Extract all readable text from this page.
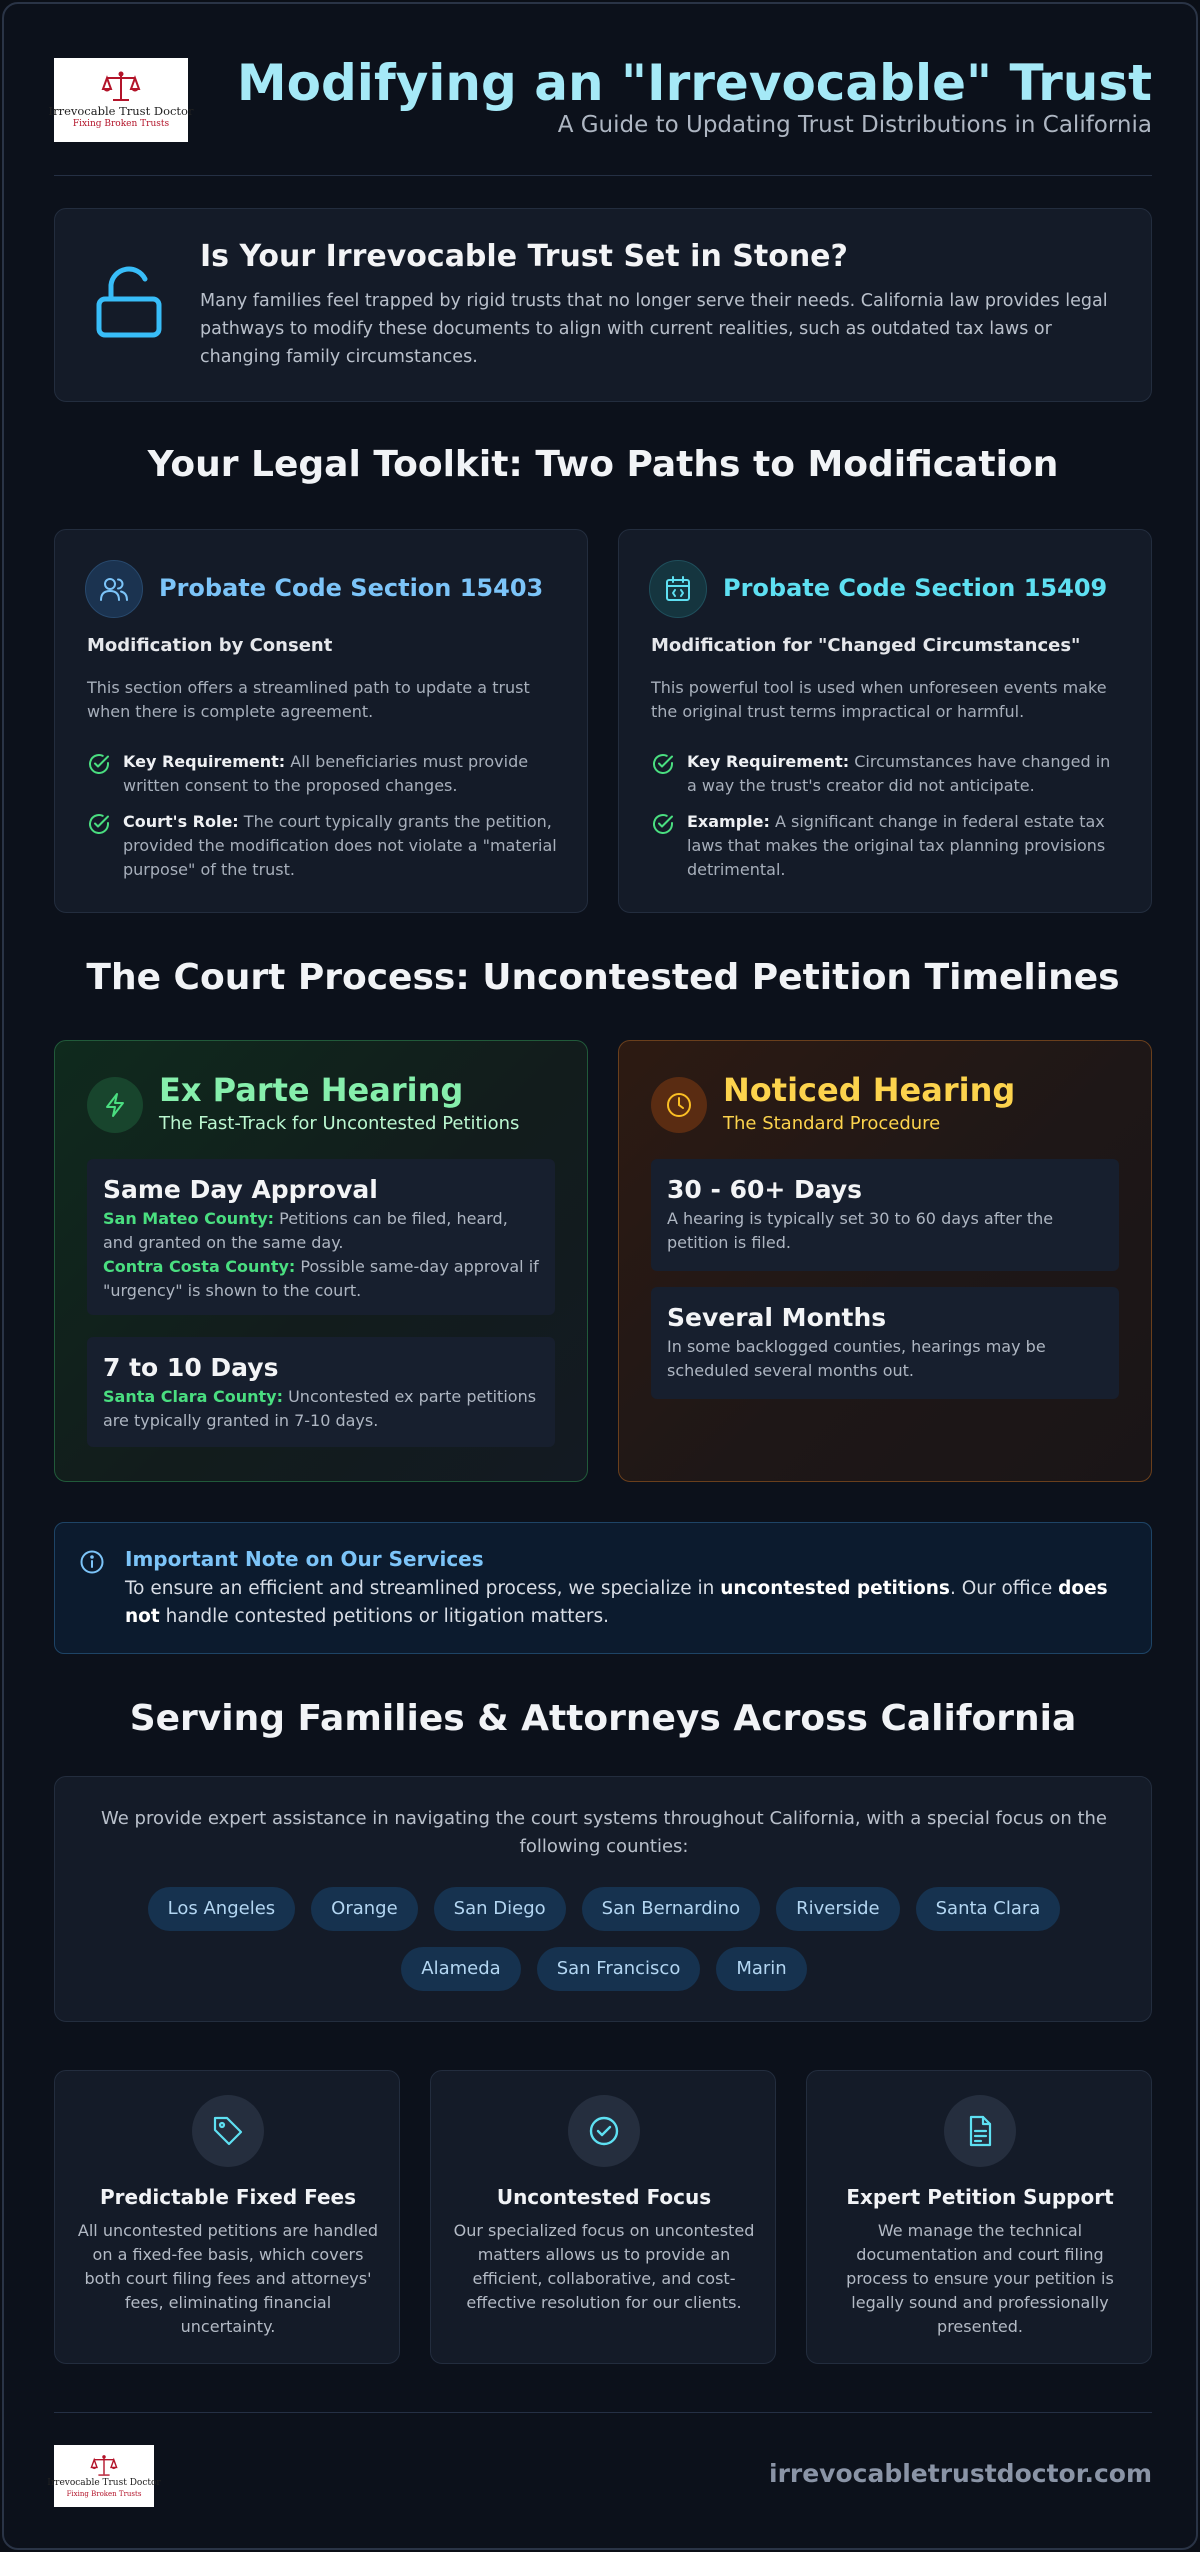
Irrevocable Trust Doctor
Fixing Broken Trusts
Modifying an "Irrevocable" Trust
A Guide to Updating Trust Distributions in California
Is Your Irrevocable Trust Set in Stone?

Many families feel trapped by rigid trusts that no longer serve their needs. California law provides legal pathways to modify these documents to align with current realities, such as outdated tax laws or changing family circumstances.

Your Legal Toolkit: Two Paths to Modification
Probate Code Section 15403
Modification by Consent
This section offers a streamlined path to update a trust when there is complete agreement.
Key Requirement: All beneficiaries must provide written consent to the proposed changes.
Court's Role: The court typically grants the petition, provided the modification does not violate a "material purpose" of the trust.
Probate Code Section 15409
Modification for "Changed Circumstances"
This powerful tool is used when unforeseen events make the original trust terms impractical or harmful.
Key Requirement: Circumstances have changed in a way the trust's creator did not anticipate.
Example: A significant change in federal estate tax laws that makes the original tax planning provisions detrimental.
The Court Process: Uncontested Petition Timelines
Ex Parte Hearing
The Fast-Track for Uncontested Petitions
Same Day Approval

San Mateo County: Petitions can be filed, heard, and granted on the same day.

Contra Costa County: Possible same-day approval if "urgency" is shown to the court.

7 to 10 Days

Santa Clara County: Uncontested ex parte petitions are typically granted in 7-10 days.

Noticed Hearing
The Standard Procedure
30 - 60+ Days

A hearing is typically set 30 to 60 days after the petition is filed.

Several Months

In some backlogged counties, hearings may be scheduled several months out.

Important Note on Our Services

To ensure an efficient and streamlined process, we specialize in uncontested petitions. Our office does not handle contested petitions or litigation matters.

Serving Families & Attorneys Across California
We provide expert assistance in navigating the court systems throughout California, with a special focus on the following counties:
Los Angeles	Orange	San Diego	San Bernardino	Riverside	Santa Clara
Alameda	San Francisco	Marin
Predictable Fixed Fees

All uncontested petitions are handled on a fixed-fee basis, which covers both court filing fees and attorneys' fees, eliminating financial uncertainty.

Uncontested Focus

Our specialized focus on uncontested matters allows us to provide an efficient, collaborative, and cost-effective resolution for our clients.

Expert Petition Support

We manage the technical documentation and court filing process to ensure your petition is legally sound and professionally presented.

Irrevocable Trust Doctor
Fixing Broken Trusts
irrevocabletrustdoctor.com
